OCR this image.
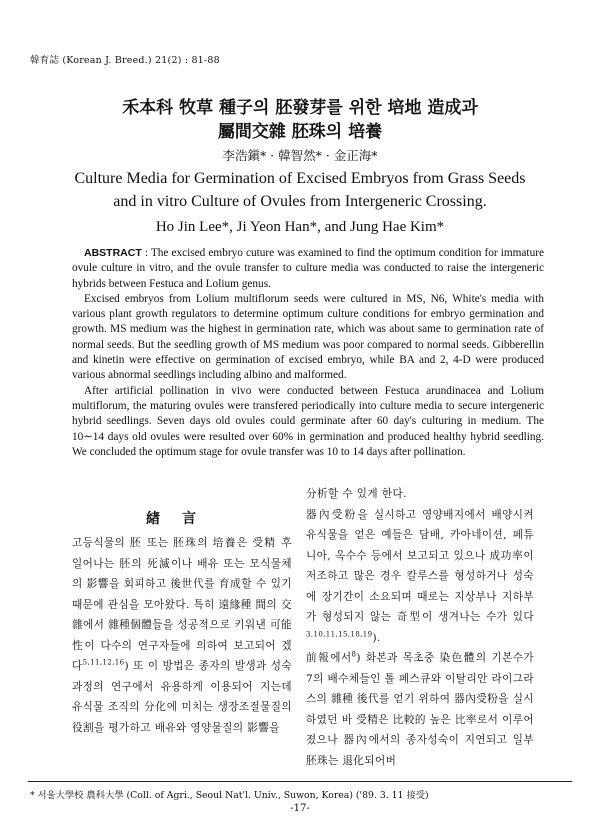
韓育誌 (Korean J. Breed.) 21(2) : 81-88
禾本科 牧草 種子의 胚發芽를 위한 培地 造成과
屬間交雜 胚珠의 培養
李浩鎭* · 韓智然* · 金正海*
Culture Media for Germination of Excised Embryos from Grass Seeds
and in vitro Culture of Ovules from Intergeneric Crossing.
Ho Jin Lee*, Ji Yeon Han*, and Jung Hae Kim*

ABSTRACT : The excised embryo cuture was examined to find the optimum condition for immature ovule culture in vitro, and the ovule transfer to culture media was conducted to raise the intergeneric hybrids between Festuca and Lolium genus.

Excised embryos from Lolium multiflorum seeds were cultured in MS, N6, White's media with various plant growth regulators to determine optimum culture conditions for embryo germination and growth. MS medium was the highest in germination rate, which was about same to germination rate of normal seeds. But the seedling growth of MS medium was poor compared to normal seeds. Gibberellin and kinetin were effective on germination of excised embryo, while BA and 2, 4-D were produced various abnormal seedlings including albino and malformed.

After artificial pollination in vivo were conducted between Festuca arundinacea and Lolium multiflorum, the maturing ovules were transfered periodically into culture media to secure intergeneric hybrid seedlings. Seven days old ovules could germinate after 60 day's culturing in medium. The 10∼14 days old ovules were resulted over 60% in germination and produced healthy hybrid seedling. We concluded the optimum stage for ovule transfer was 10 to 14 days after pollination.

緖言

고등식물의 胚 또는 胚珠의 培養은 受精 후 일어나는 胚의 死滅이나 배유 또는 모식물체의 影響을 회피하고 後世代를 育成할 수 있기 때문에 관심을 모아왔다. 특히 遠緣種 間의 交雜에서 雜種個體들을 성공적으로 키워낸 可能性이 다수의 연구자들에 의하여 보고되어 겠다$^{5,11,12,16}$) 또 이 방법은 종자의 발생과 성숙과정의 연구에서 유용하게 이용되어 지는데 유식물 조직의 分化에 미치는 생장조절물질의 役割을 평가하고 배유와 영양물질의 影響을

分析할 수 있게 한다.

器內受粉을 실시하고 영양배지에서 배양시켜 유식물을 얻은 예들은 담배, 카아네이션, 페튜니아, 옥수수 등에서 보고되고 있으나 成功率이 저조하고 많은 경우 칼루스를 형성하거나 성숙에 장기간이 소요되며 때로는 지상부나 지하부가 형성되지 않는 奇型이 생겨나는 수가 있다$^{3,10,11,15,18,19}$).

前報에서$^8$) 화본과 목초중 染色體의 기본수가 7의 배수체들인 톨 페스큐와 이탈리안 라이그라스의 雜種 後代를 얻기 위하여 器內受粉을 실시하였던 바 受精은 比較的 높은 比率로서 이루어졌으나 器內에서의 종자성숙이 지연되고 일부 胚珠는 退化되어버

* 서울大學校 農科大學 (Coll. of Agri., Seoul Nat'l. Univ., Suwon, Korea) ('89. 3. 11 接受)
-17-
